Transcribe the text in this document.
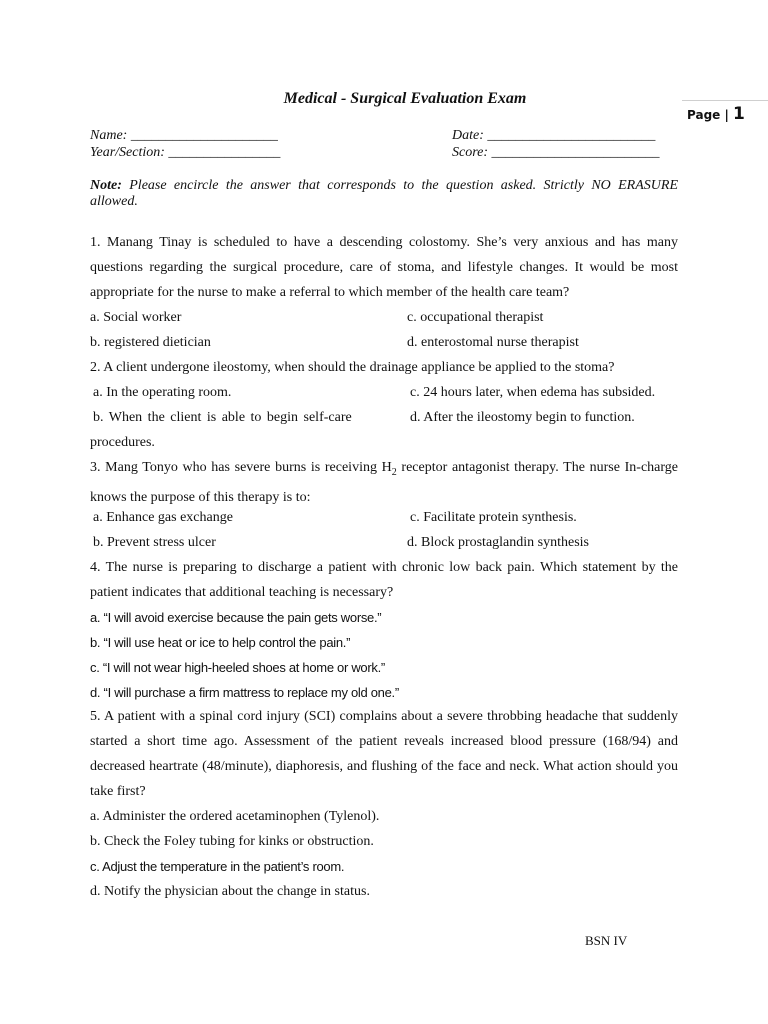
Medical - Surgical Evaluation Exam
Page | 1
Name: _____________________	Date: ________________________
Year/Section: ________________	Score: ________________________
Note: Please encircle the answer that corresponds to the question asked. Strictly NO ERASURE allowed.
1. Manang Tinay is scheduled to have a descending colostomy. She’s very anxious and has many questions regarding the surgical procedure, care of stoma, and lifestyle changes. It would be most appropriate for the nurse to make a referral to which member of the health care team?
a. Social worker	c. occupational therapist
b. registered dietician	d. enterostomal nurse therapist
2. A client undergone ileostomy, when should the drainage appliance be applied to the stoma?
a. In the operating room.	c. 24 hours later, when edema has subsided.
b. When the client is able to begin self-care	d. After the ileostomy begin to function.
procedures.
3. Mang Tonyo who has severe burns is receiving $H_2$ receptor antagonist therapy. The nurse In-charge knows the purpose of this therapy is to:
a. Enhance gas exchange	c. Facilitate protein synthesis.
b. Prevent stress ulcer	d. Block prostaglandin synthesis
4. The nurse is preparing to discharge a patient with chronic low back pain. Which statement by the patient indicates that additional teaching is necessary?
a. “I will avoid exercise because the pain gets worse.”
b. “I will use heat or ice to help control the pain.”
c. “I will not wear high-heeled shoes at home or work.”
d. “I will purchase a firm mattress to replace my old one.”
5. A patient with a spinal cord injury (SCI) complains about a severe throbbing headache that suddenly started a short time ago. Assessment of the patient reveals increased blood pressure (168/94) and decreased heartrate (48/minute), diaphoresis, and flushing of the face and neck. What action should you take first?
a. Administer the ordered acetaminophen (Tylenol).
b. Check the Foley tubing for kinks or obstruction.
c. Adjust the temperature in the patient’s room.
d. Notify the physician about the change in status.
BSN IV
